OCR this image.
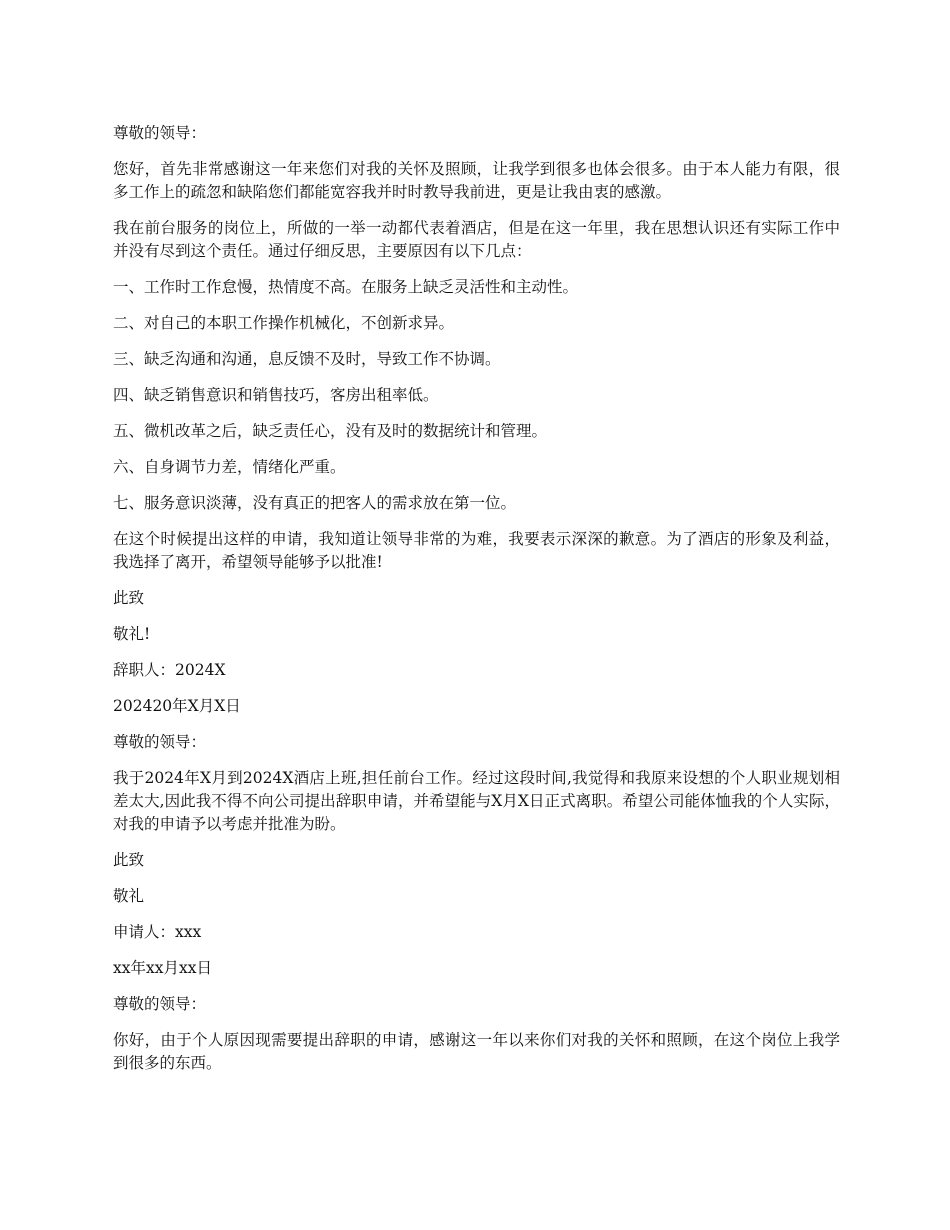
尊敬的领导：

您好，首先非常感谢这一年来您们对我的关怀及照顾，让我学到很多也体会很多。由于本人能力有限，很多工作上的疏忽和缺陷您们都能宽容我并时时教导我前进，更是让我由衷的感激。

我在前台服务的岗位上，所做的一举一动都代表着酒店，但是在这一年里，我在思想认识还有实际工作中并没有尽到这个责任。通过仔细反思，主要原因有以下几点：

一、工作时工作怠慢，热情度不高。在服务上缺乏灵活性和主动性。

二、对自己的本职工作操作机械化，不创新求异。

三、缺乏沟通和沟通，息反馈不及时，导致工作不协调。

四、缺乏销售意识和销售技巧，客房出租率低。

五、微机改革之后，缺乏责任心，没有及时的数据统计和管理。

六、自身调节力差，情绪化严重。

七、服务意识淡薄，没有真正的把客人的需求放在第一位。

在这个时候提出这样的申请，我知道让领导非常的为难，我要表示深深的歉意。为了酒店的形象及利益，我选择了离开，希望领导能够予以批准!

此致

敬礼!

辞职人：2024X

202420年X月X日

尊敬的领导：

我于2024年X月到2024X酒店上班,担任前台工作。经过这段时间,我觉得和我原来设想的个人职业规划相差太大,因此我不得不向公司提出辞职申请，并希望能与X月X日正式离职。希望公司能体恤我的个人实际，对我的申请予以考虑并批准为盼。

此致

敬礼

申请人：xxx

xx年xx月xx日

尊敬的领导：

你好，由于个人原因现需要提出辞职的申请，感谢这一年以来你们对我的关怀和照顾，在这个岗位上我学到很多的东西。
